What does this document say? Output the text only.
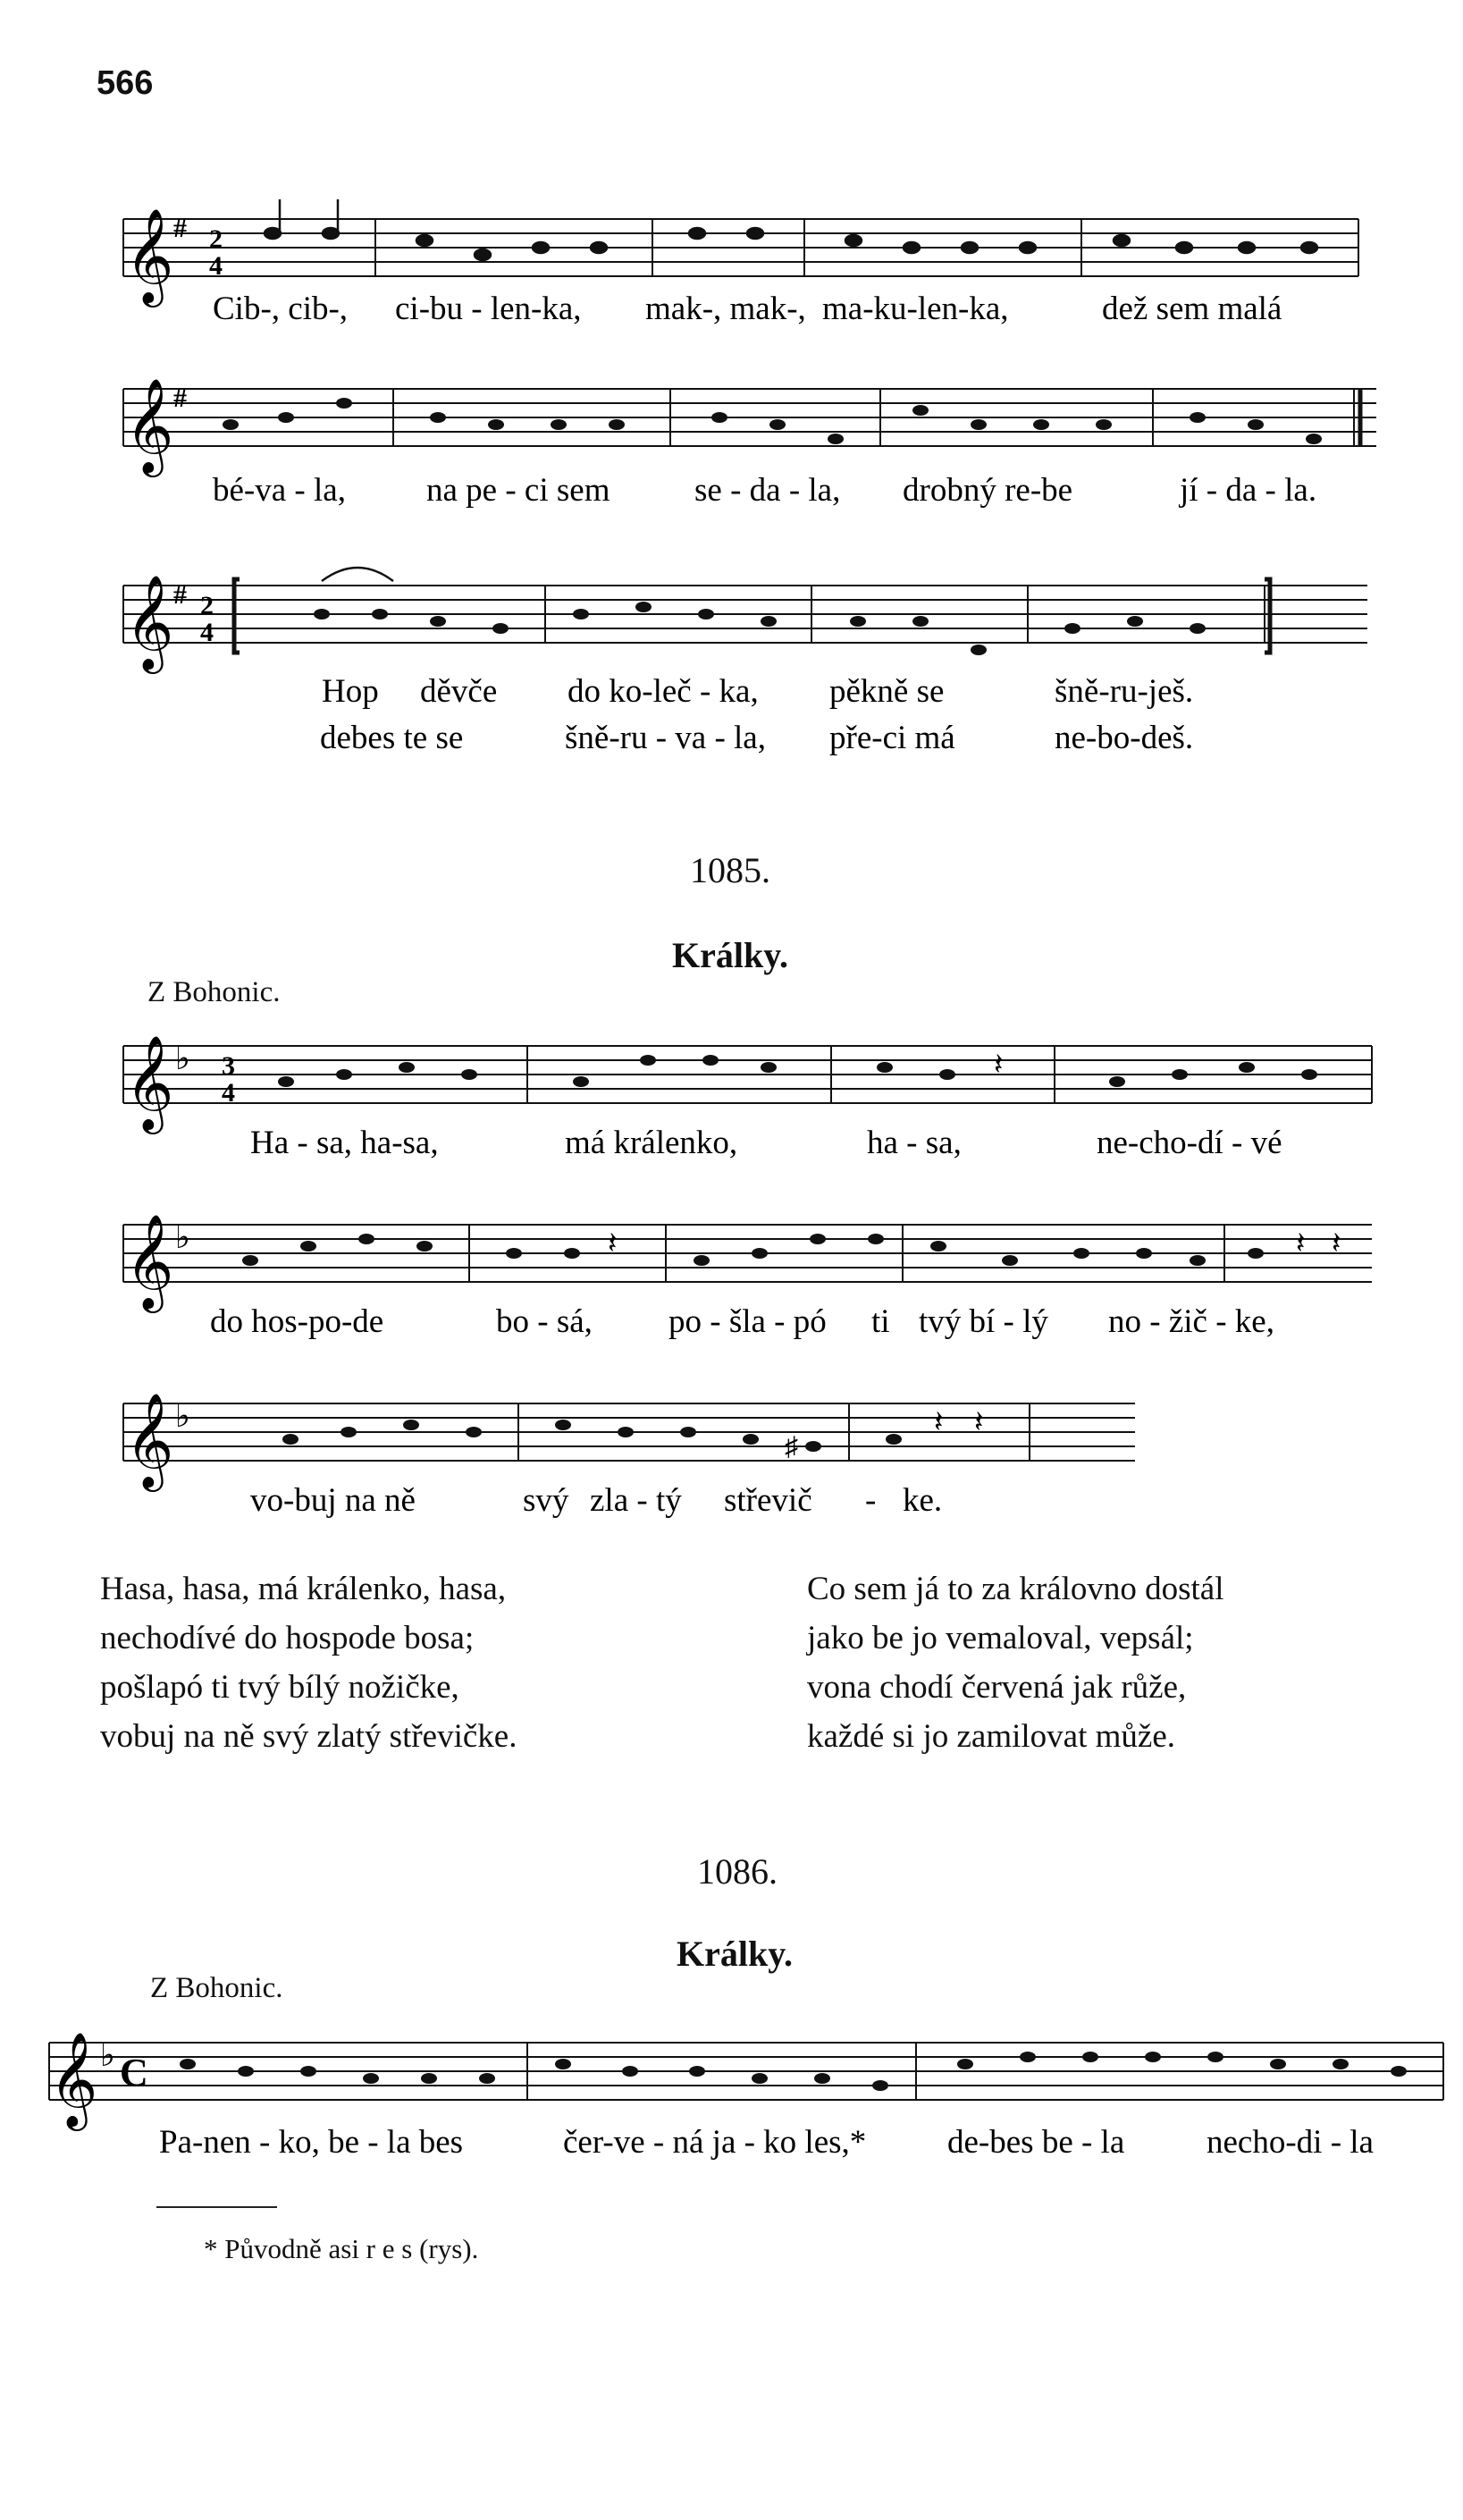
566
𝄞 # 2
4
Cib-, cib-, ci-bu - len-ka, mak-, mak-, ma-ku-len-ka,	dež sem malá
𝄞 #
bé-va - la, na pe - ci sem	se - da - la, drobný re-be	jí - da - la.
𝄞 # 2
4
Hop děvče do ko-leč - ka, pěkně se	šně-ru-ješ.
debes te se	šně-ru - va - la, pře-ci má	ne-bo-deš.
1085.
Z Bohonic.
Králky.
𝄞 ♭ 3
4
𝄽
Ha - sa, ha-sa,	má králenko,	ha - sa,	ne-cho-dí - vé
𝄞 ♭	𝄽	𝄽 𝄽
do hos-po-de	bo - sá, po - šla - pó ti tvý bí - lý no - žič - ke,
𝄞 ♭
♯
𝄽 𝄽
vo-buj na ně	svý zla - tý střevič - ke.
Hasa, hasa, má králenko, hasa,
nechodívé do hospode bosa;
pošlapó ti tvý bílý nožičke,
vobuj na ně svý zlatý střevičke.
Co sem já to za královno dostál
jako be jo vemaloval, vepsál;
vona chodí červená jak růže,
každé si jo zamilovat může.
1086.
Králky.
Z Bohonic.
𝄞 ♭ C
Pa-nen - ko, be - la bes	čer-ve - ná ja - ko les,* de-bes be - la necho-di - la
* Původně asi r e s (rys).
